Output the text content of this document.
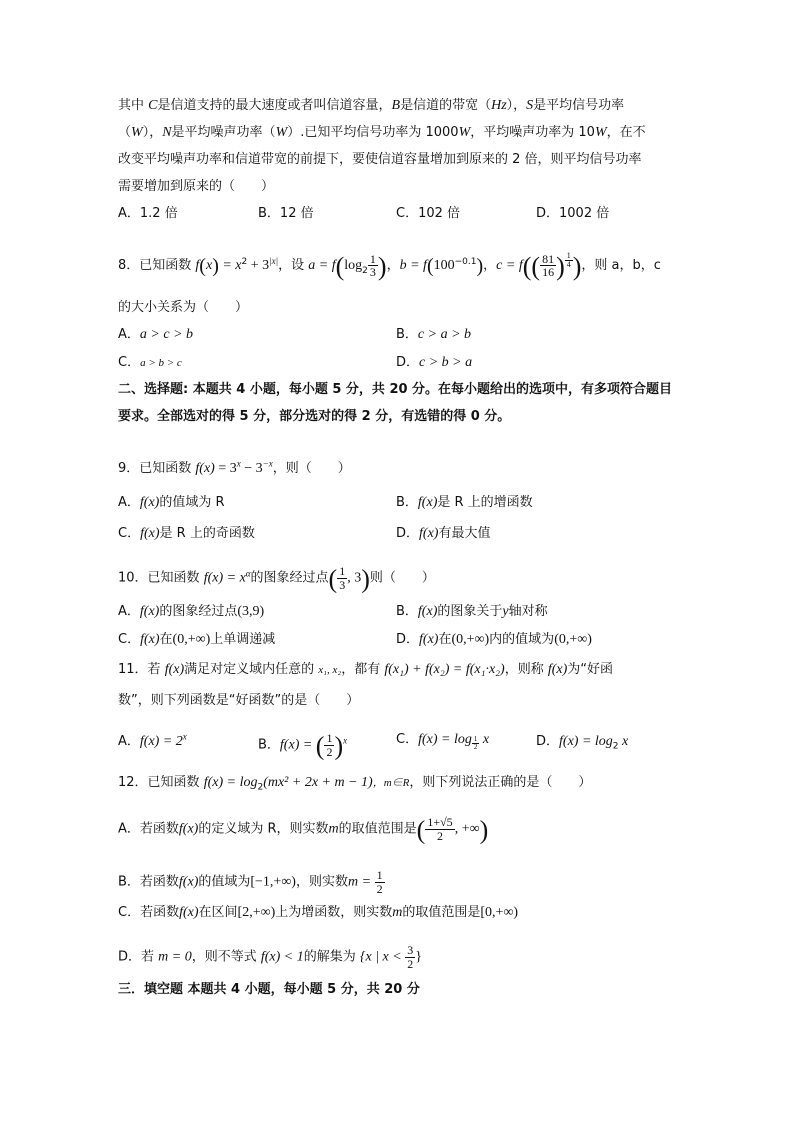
其中 C是信道支持的最大速度或者叫信道容量，B是信道的带宽（Hz），S是平均信号功率
（W），N是平均噪声功率（W）.已知平均信号功率为 1000W，平均噪声功率为 10W，在不
改变平均噪声功率和信道带宽的前提下，要使信道容量增加到原来的 2 倍，则平均信号功率
需要增加到原来的（　　）
A．1.2 倍	B．12 倍	C．102 倍	D．1002 倍
8．已知函数 $f(x) = x^2 + 3^{|x|}$，设 $a = f(\log_2 \frac{1}{3}$ )，$b = f(100^{-0.1})$，$c = f(( \frac{81}{16}$ ) $^{\frac{1}{4}}$ )，则 a，b，c
的大小关系为（　　）
A．a > c > b	B．c > a > b
C．a > b > c	D．c > b > a
二、选择题: 本题共 4 小题，每小题 5 分，共 20 分。在每小题给出的选项中，有多项符合题目
要求。全部选对的得 5 分，部分选对的得 2 分，有选错的得 0 分。
9．已知函数 $f(x) = 3^x - 3^{-x}$，则（　　）
A．f(x)的值域为 R	B．f(x)是 R 上的增函数
C．f(x)是 R 上的奇函数	D．f(x)有最大值
10．已知函数 $f(x) = x^\alpha$的图象经过点( $\frac{1}{3}$ , 3)则（　　）
A．f(x)的图象经过点(3,9)	B．f(x)的图象关于y轴对称
C．f(x)在(0,+∞)上单调递减	D．f(x)在(0,+∞)内的值域为(0,+∞)
11．若 f(x)满足对定义域内任意的 x₁, x₂，都有 f(x₁) + f(x₂) = f(x₁·x₂)，则称 f(x)为“好函
数”，则下列函数是“好函数”的是（　　）
A．$f(x) = 2^x$
B．f(x) = ( $\frac{1}{2} )^x$	C．f(x) = log $_{\frac{1}{2}}$ x	D．$f(x) = \log_2 x$
12．已知函数 $f(x) = \log_2(mx^2 + 2x + m - 1)$，m∈R，则下列说法正确的是（　　）
A．若函数f(x)的定义域为 R，则实数m的取值范围是( $\frac{1+√5}{2}$ , +∞)
B．若函数f(x)的值域为[−1,+∞)，则实数$m = \frac{1}{2}$
C．若函数f(x)在区间[2,+∞)上为增函数，则实数m的取值范围是[0,+∞)
D．若 m = 0，则不等式 f(x) < 1的解集为 {x | $x < \frac{3}{2}$ }
三．填空题 本题共 4 小题，每小题 5 分，共 20 分
